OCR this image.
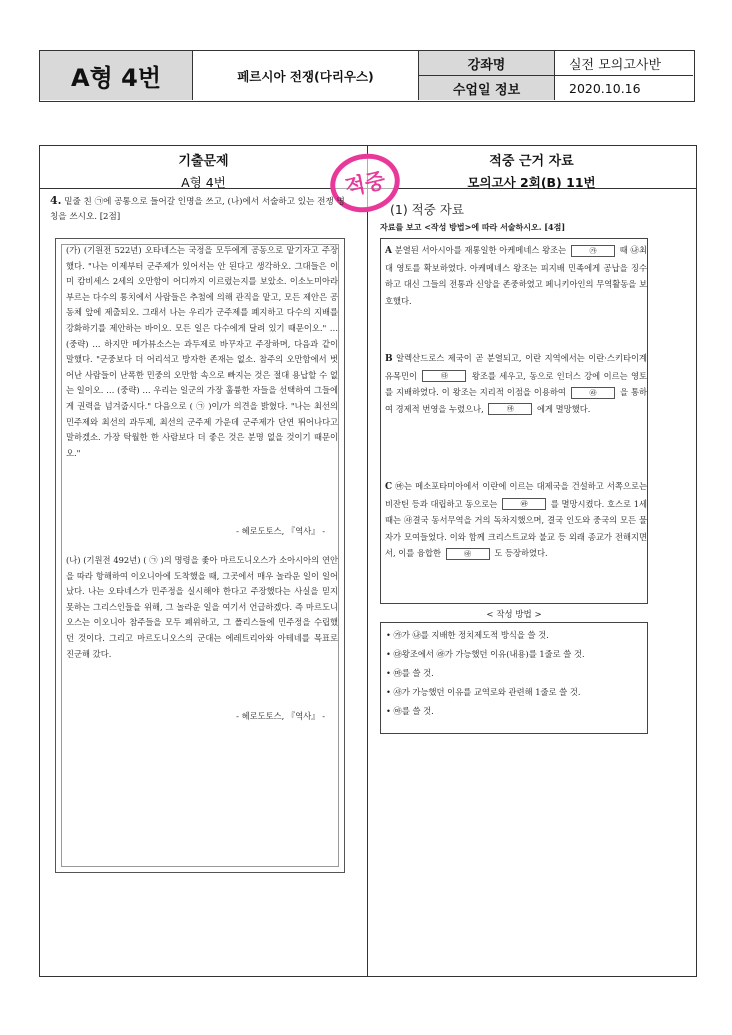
A형 4번	페르시아 전쟁(다리우스)
강좌명	실전 모의고사반
수업일 정보	2020.10.16
기출문제
A형 4번
적중 근거 자료
모의고사 2회(B) 11번
적중
4. 밑줄 친 ㉠에 공통으로 들어갈 인명을 쓰고, (나)에서 서술하고 있는 전쟁 명칭을 쓰시오. [2점]
(가) (기원전 522년) 오타네스는 국정을 모두에게 공동으로 맡기자고 주장했다. "나는 이제부터 군주제가 있어서는 안 된다고 생각하오. 그대들은 이미 캄비세스 2세의 오만함이 어디까지 이르렀는지를 보았소. 이소노미아라 부르는 다수의 통치에서 사람들은 추첨에 의해 관직을 맡고, 모든 제안은 공동체 앞에 제출되오. 그래서 나는 우리가 군주제를 폐지하고 다수의 지배를 강화하기를 제안하는 바이오. 모든 일은 다수에게 달려 있기 때문이오." … (중략) … 하지만 메가뷰소스는 과두제로 바꾸자고 주장하며, 다음과 같이 말했다. "군중보다 더 어리석고 방자한 존재는 없소. 참주의 오만함에서 벗어난 사람들이 난폭한 민중의 오만함 속으로 빠지는 것은 절대 용납할 수 없는 일이오. … (중략) … 우리는 일군의 가장 훌륭한 자들을 선택하여 그들에게 권력을 넘겨줍시다." 다음으로 ( ㉠ )이/가 의견을 밝혔다. "나는 최선의 민주제와 최선의 과두제, 최선의 군주제 가운데 군주제가 단연 뛰어나다고 말하겠소. 가장 탁월한 한 사람보다 더 좋은 것은 분명 없을 것이기 때문이오."
- 헤로도토스, 『역사』 -
(나) (기원전 492년) ( ㉠ )의 명령을 좇아 마르도니오스가 소아시아의 연안을 따라 항해하여 이오니아에 도착했을 때, 그곳에서 매우 놀라운 일이 일어났다. 나는 오타네스가 민주정을 실시해야 한다고 주장했다는 사실을 믿지 못하는 그리스인들을 위해, 그 놀라운 일을 여기서 언급하겠다. 즉 마르도니오스는 이오니아 참주들을 모두 폐위하고, 그 폴리스들에 민주정을 수립했던 것이다. 그리고 마르도니오스의 군대는 에레트리아와 아테네를 목표로 진군해 갔다.
- 헤로도토스, 『역사』 -
(1) 적중 자료
자료를 보고 <작성 방법>에 따라 서술하시오. [4점]
A 분열된 서아시아를 재통일한 아케메네스 왕조는	㉮	때 ㉯최대 영토를 확보하였다. 아케메네스 왕조는 피지배 민족에게 공납을 징수하고 대신 그들의 전통과 신앙을 존중하였고 페니키아인의 무역활동을 보호했다.
B 알렉산드로스 제국이 곧 분열되고, 이란 지역에서는 이란·스키타이계 유목민이	㉰	왕조를 세우고, 동으로 인더스 강에 이르는 영토를 지배하였다. 이 왕조는 지리적 이점을 이용하여	㉱	을 통하여 경제적 번영을 누렸으나,	㉲	에게 멸망했다.
C ㉲는 메소포타미아에서 이란에 이르는 대제국을 건설하고 서쪽으로는 비잔틴 등과 대립하고 동으로는	㉳	를 멸망시켰다. 호스로 1세 때는 ㉴결국 동서무역을 거의 독차지했으며, 결국 인도와 중국의 모든 물자가 모여들었다. 이와 함께 크리스트교와 불교 등 외래 종교가 전해지면서, 이를 융합한	㉵	도 등장하였다.
< 작성 방법 >
• ㉮가 ㉯를 지배한 정치제도적 방식을 쓸 것.
• ㉰왕조에서 ㉱가 가능했던 이유(내용)를 1줄로 쓸 것.
• ㉲를 쓸 것.
• ㉴가 가능했던 이유를 교역로와 관련해 1줄로 쓸 것.
• ㉵를 쓸 것.
